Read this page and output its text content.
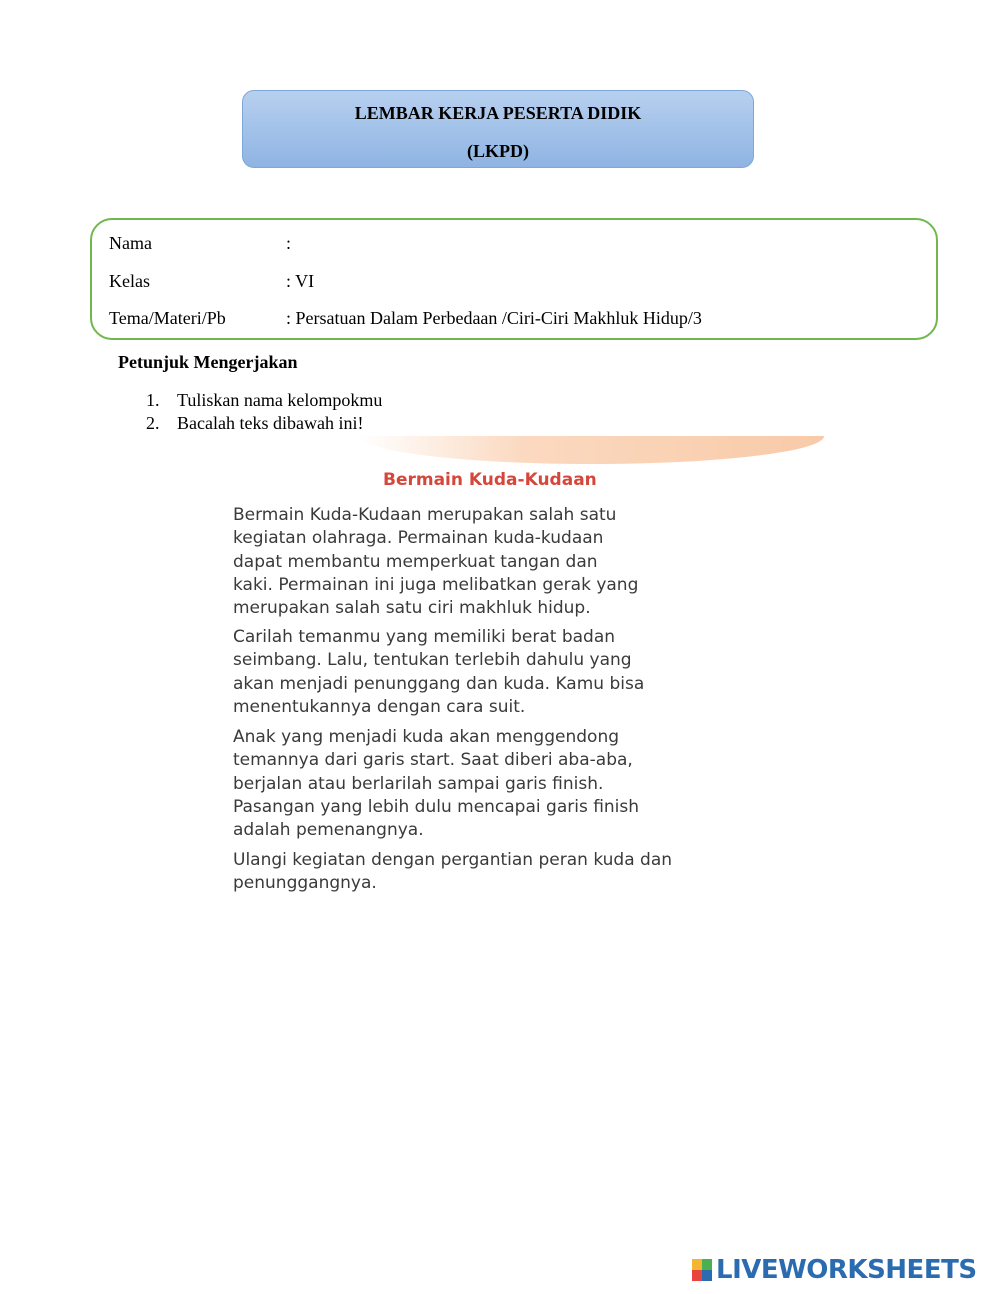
LEMBAR KERJA PESERTA DIDIK
(LKPD)
Nama	:
Kelas	: VI
Tema/Materi/Pb	: Persatuan Dalam Perbedaan /Ciri-Ciri Makhluk Hidup/3
Petunjuk Mengerjakan
1. Tuliskan nama kelompokmu
2. Bacalah teks dibawah ini!
Bermain Kuda-Kudaan

Bermain Kuda-Kudaan merupakan salah satu

kegiatan olahraga. Permainan kuda-kudaan

dapat membantu memperkuat tangan dan

kaki. Permainan ini juga melibatkan gerak yang

merupakan salah satu ciri makhluk hidup.

Carilah temanmu yang memiliki berat badan

seimbang. Lalu, tentukan terlebih dahulu yang

akan menjadi penunggang dan kuda. Kamu bisa

menentukannya dengan cara suit.

Anak yang menjadi kuda akan menggendong

temannya dari garis start. Saat diberi aba-aba,

berjalan atau berlarilah sampai garis finish.

Pasangan yang lebih dulu mencapai garis finish

adalah pemenangnya.

Ulangi kegiatan dengan pergantian peran kuda dan

penunggangnya.

LIVEWORKSHEETS
